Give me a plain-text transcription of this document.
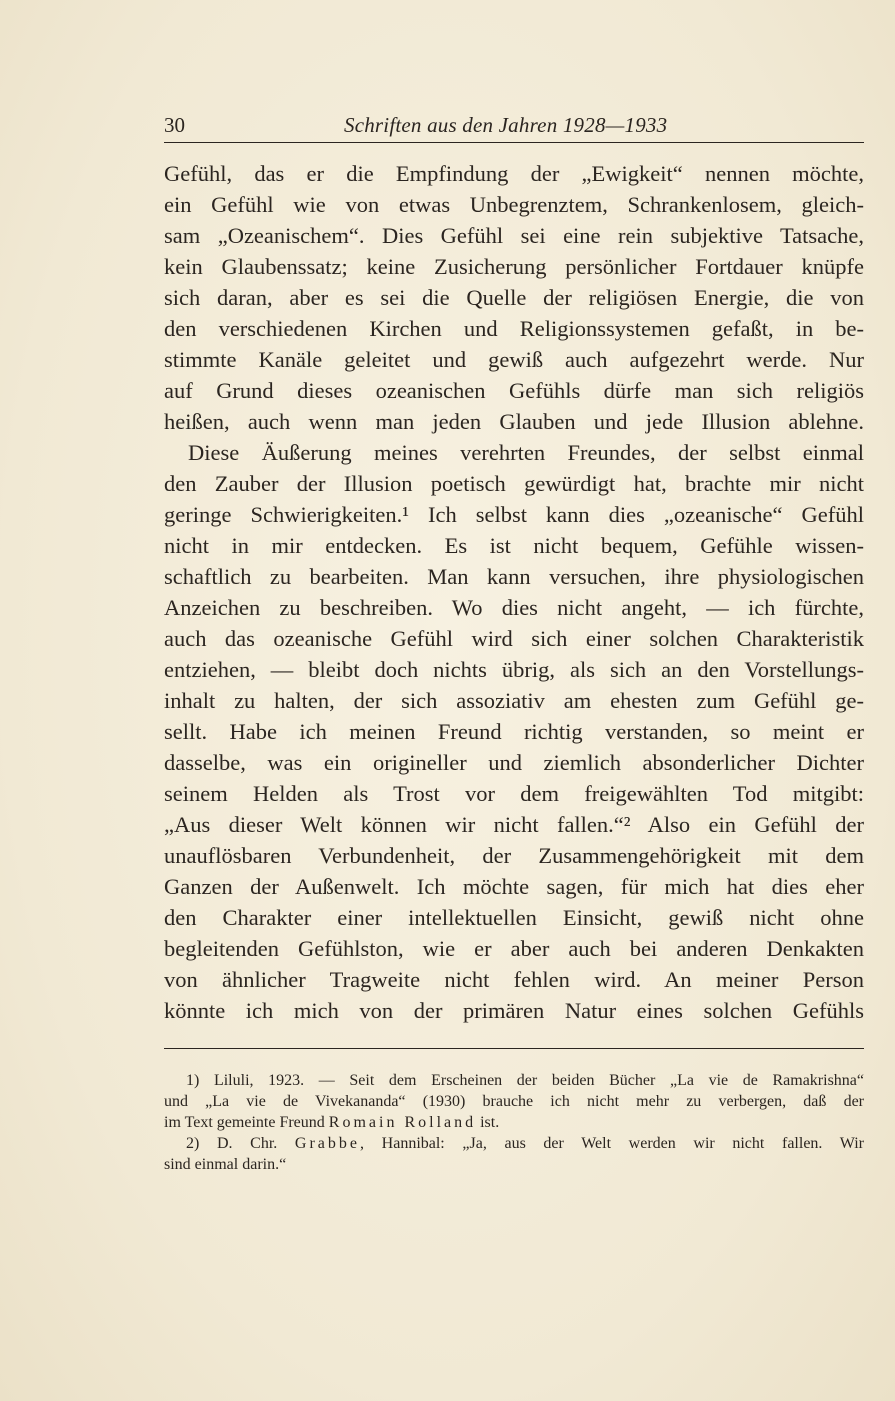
30	Schriften aus den Jahren 1928—1933
Gefühl, das er die Empfindung der „Ewigkeit“ nennen möchte,
ein Gefühl wie von etwas Unbegrenztem, Schrankenlosem, gleich-
sam „Ozeanischem“. Dies Gefühl sei eine rein subjektive Tatsache,
kein Glaubenssatz; keine Zusicherung persönlicher Fortdauer knüpfe
sich daran, aber es sei die Quelle der religiösen Energie, die von
den verschiedenen Kirchen und Religionssystemen gefaßt, in be-
stimmte Kanäle geleitet und gewiß auch aufgezehrt werde. Nur
auf Grund dieses ozeanischen Gefühls dürfe man sich religiös
heißen, auch wenn man jeden Glauben und jede Illusion ablehne.
Diese Äußerung meines verehrten Freundes, der selbst einmal
den Zauber der Illusion poetisch gewürdigt hat, brachte mir nicht
geringe Schwierigkeiten.¹ Ich selbst kann dies „ozeanische“ Gefühl
nicht in mir entdecken. Es ist nicht bequem, Gefühle wissen-
schaftlich zu bearbeiten. Man kann versuchen, ihre physiologischen
Anzeichen zu beschreiben. Wo dies nicht angeht, — ich fürchte,
auch das ozeanische Gefühl wird sich einer solchen Charakteristik
entziehen, — bleibt doch nichts übrig, als sich an den Vorstellungs-
inhalt zu halten, der sich assoziativ am ehesten zum Gefühl ge-
sellt. Habe ich meinen Freund richtig verstanden, so meint er
dasselbe, was ein origineller und ziemlich absonderlicher Dichter
seinem Helden als Trost vor dem freigewählten Tod mitgibt:
„Aus dieser Welt können wir nicht fallen.“² Also ein Gefühl der
unauflösbaren Verbundenheit, der Zusammengehörigkeit mit dem
Ganzen der Außenwelt. Ich möchte sagen, für mich hat dies eher
den Charakter einer intellektuellen Einsicht, gewiß nicht ohne
begleitenden Gefühlston, wie er aber auch bei anderen Denkakten
von ähnlicher Tragweite nicht fehlen wird. An meiner Person
könnte ich mich von der primären Natur eines solchen Gefühls
1) Liluli, 1923. — Seit dem Erscheinen der beiden Bücher „La vie de Ramakrishna“
und „La vie de Vivekananda“ (1930) brauche ich nicht mehr zu verbergen, daß der
im Text gemeinte Freund Romain Rolland ist.
2) D. Chr. Grabbe, Hannibal: „Ja, aus der Welt werden wir nicht fallen. Wir
sind einmal darin.“
